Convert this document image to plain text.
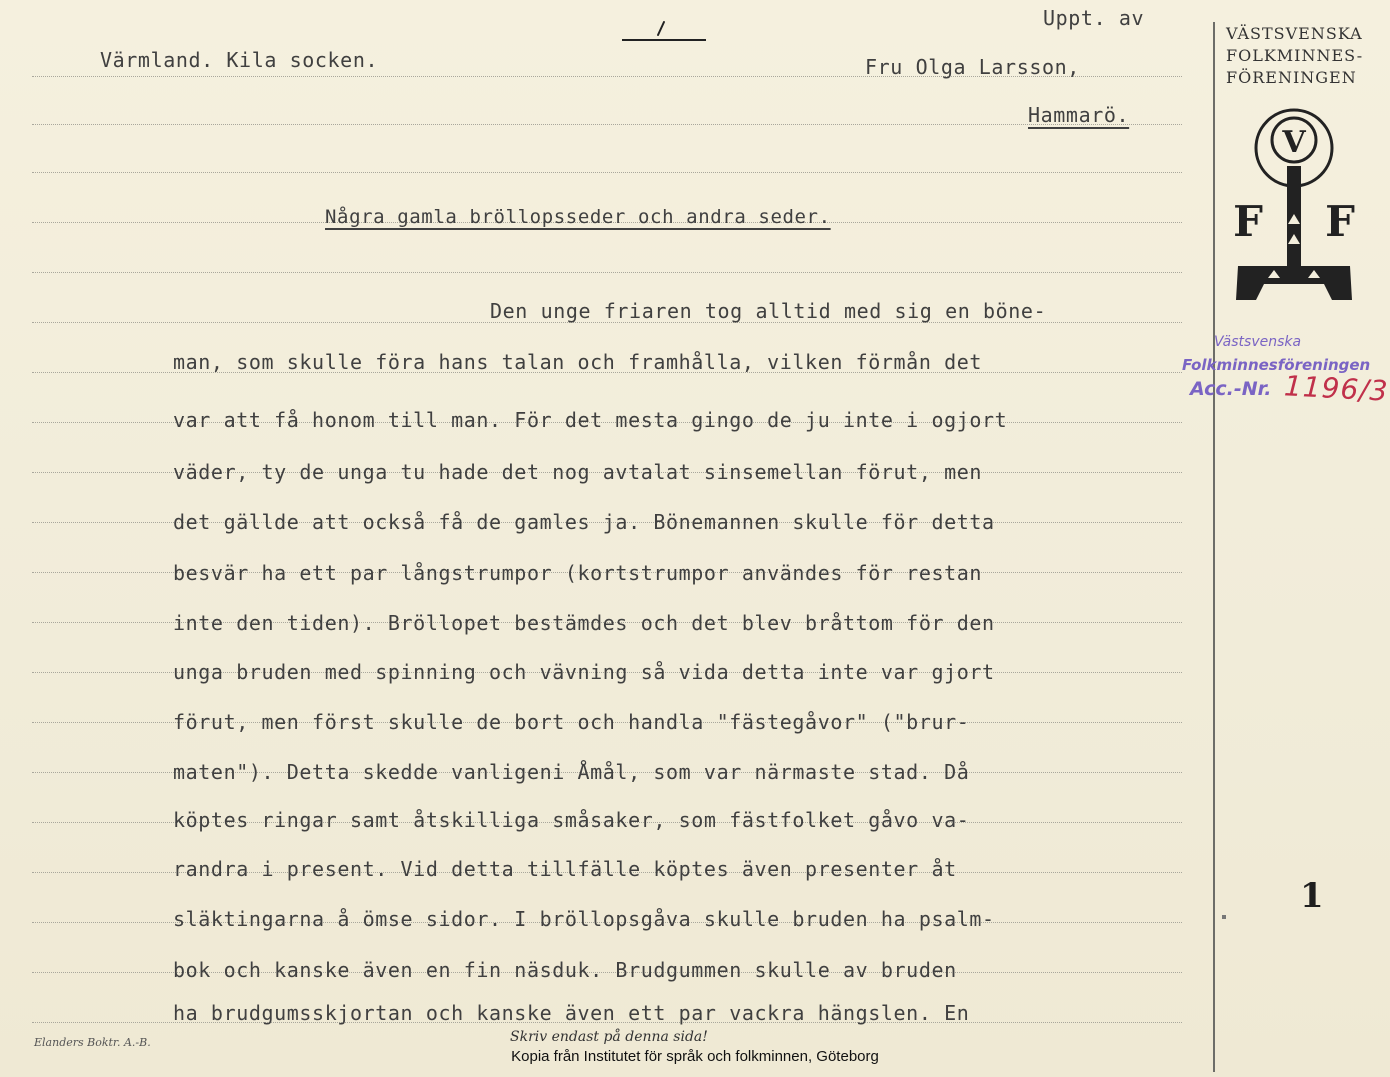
Uppt. av
Värmland. Kila socken.	Fru Olga Larsson,
Hammarö.
Några gamla bröllopsseder och andra seder.
Den unge friaren tog alltid med sig en böne-
man, som skulle föra hans talan och framhålla, vilken förmån det
var att få honom till man. För det mesta gingo de ju inte i ogjort
väder, ty de unga tu hade det nog avtalat sinsemellan förut, men
det gällde att också få de gamles ja. Bönemannen skulle för detta
besvär ha ett par långstrumpor (kortstrumpor användes för restan
inte den tiden). Bröllopet bestämdes och det blev bråttom för den
unga bruden med spinning och vävning så vida detta inte var gjort
förut, men först skulle de bort och handla "fästegåvor" ("brur-
maten"). Detta skedde vanligeni Åmål, som var närmaste stad. Då
köptes ringar samt åtskilliga småsaker, som fästfolket gåvo va-
randra i present. Vid detta tillfälle köptes även presenter åt
släktingarna å ömse sidor. I bröllopsgåva skulle bruden ha psalm-
bok och kanske även en fin näsduk. Brudgummen skulle av bruden
ha brudgumsskjortan och kanske även ett par vackra hängslen. En
VÄSTSVENSKA
FOLKMINNES-
FÖRENINGEN
V
F F
Västsvenska
Folkminnesföreningen
Acc.-Nr. 1196/3
1
Elanders Boktr. A.-B.	Skriv endast på denna sida!
Kopia från Institutet för språk och folkminnen, Göteborg
